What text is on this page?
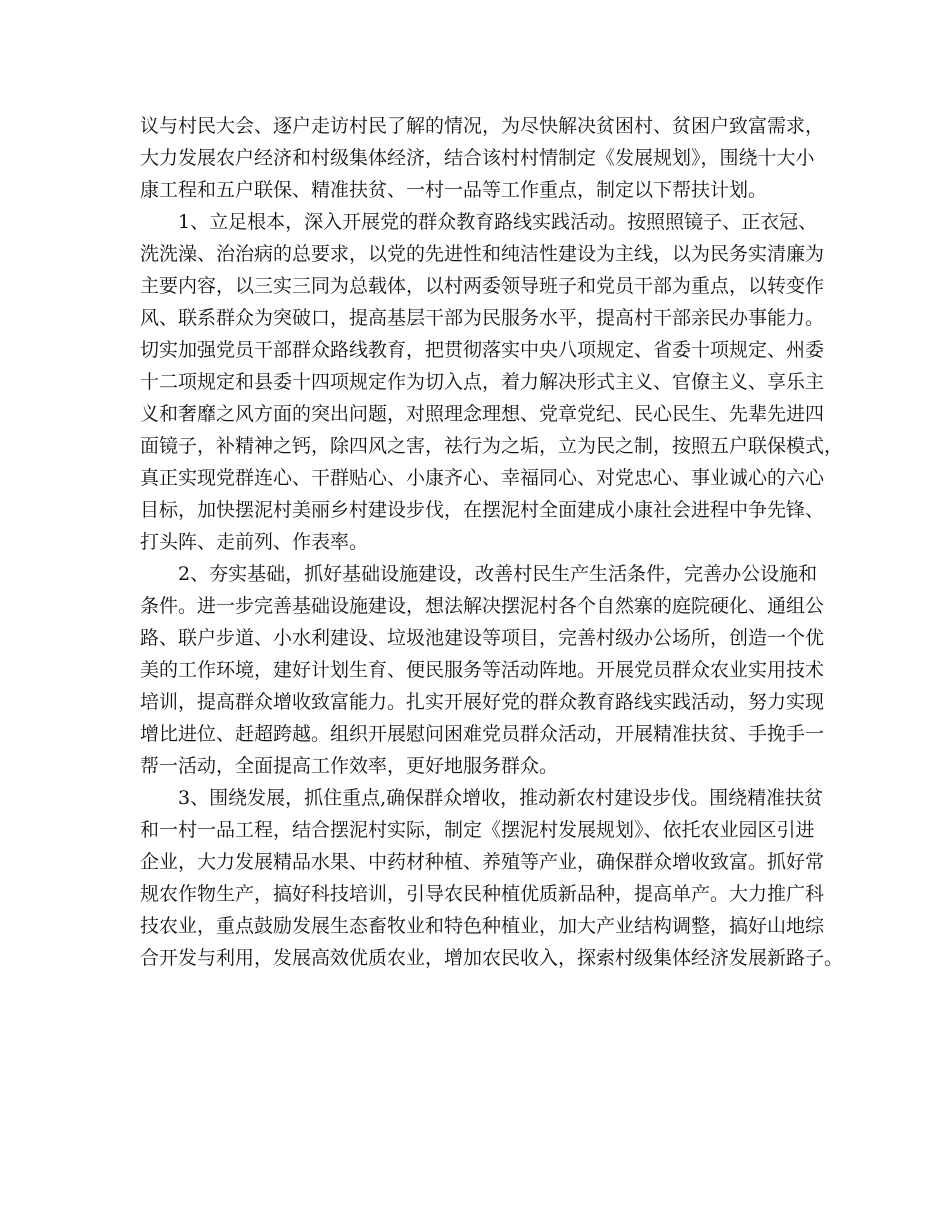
议与村民大会、逐户走访村民了解的情况，为尽快解决贫困村、贫困户致富需求，
大力发展农户经济和村级集体经济，结合该村村情制定《发展规划》，围绕十大小
康工程和五户联保、精准扶贫、一村一品等工作重点，制定以下帮扶计划。
1、立足根本，深入开展党的群众教育路线实践活动。按照照镜子、正衣冠、
洗洗澡、治治病的总要求，以党的先进性和纯洁性建设为主线，以为民务实清廉为
主要内容，以三实三同为总载体，以村两委领导班子和党员干部为重点，以转变作
风、联系群众为突破口，提高基层干部为民服务水平，提高村干部亲民办事能力。
切实加强党员干部群众路线教育，把贯彻落实中央八项规定、省委十项规定、州委
十二项规定和县委十四项规定作为切入点，着力解决形式主义、官僚主义、享乐主
义和奢靡之风方面的突出问题，对照理念理想、党章党纪、民心民生、先辈先进四
面镜子，补精神之钙，除四风之害，祛行为之垢，立为民之制，按照五户联保模式，
真正实现党群连心、干群贴心、小康齐心、幸福同心、对党忠心、事业诚心的六心
目标，加快摆泥村美丽乡村建设步伐，在摆泥村全面建成小康社会进程中争先锋、
打头阵、走前列、作表率。
2、夯实基础，抓好基础设施建设，改善村民生产生活条件，完善办公设施和
条件。进一步完善基础设施建设，想法解决摆泥村各个自然寨的庭院硬化、通组公
路、联户步道、小水利建设、垃圾池建设等项目，完善村级办公场所，创造一个优
美的工作环境，建好计划生育、便民服务等活动阵地。开展党员群众农业实用技术
培训，提高群众增收致富能力。扎实开展好党的群众教育路线实践活动，努力实现
增比进位、赶超跨越。组织开展慰问困难党员群众活动，开展精准扶贫、手挽手一
帮一活动，全面提高工作效率，更好地服务群众。
3、围绕发展，抓住重点,确保群众增收，推动新农村建设步伐。围绕精准扶贫
和一村一品工程，结合摆泥村实际，制定《摆泥村发展规划》、依托农业园区引进
企业，大力发展精品水果、中药材种植、养殖等产业，确保群众增收致富。抓好常
规农作物生产，搞好科技培训，引导农民种植优质新品种，提高单产。大力推广科
技农业，重点鼓励发展生态畜牧业和特色种植业，加大产业结构调整，搞好山地综
合开发与利用，发展高效优质农业，增加农民收入，探索村级集体经济发展新路子。
